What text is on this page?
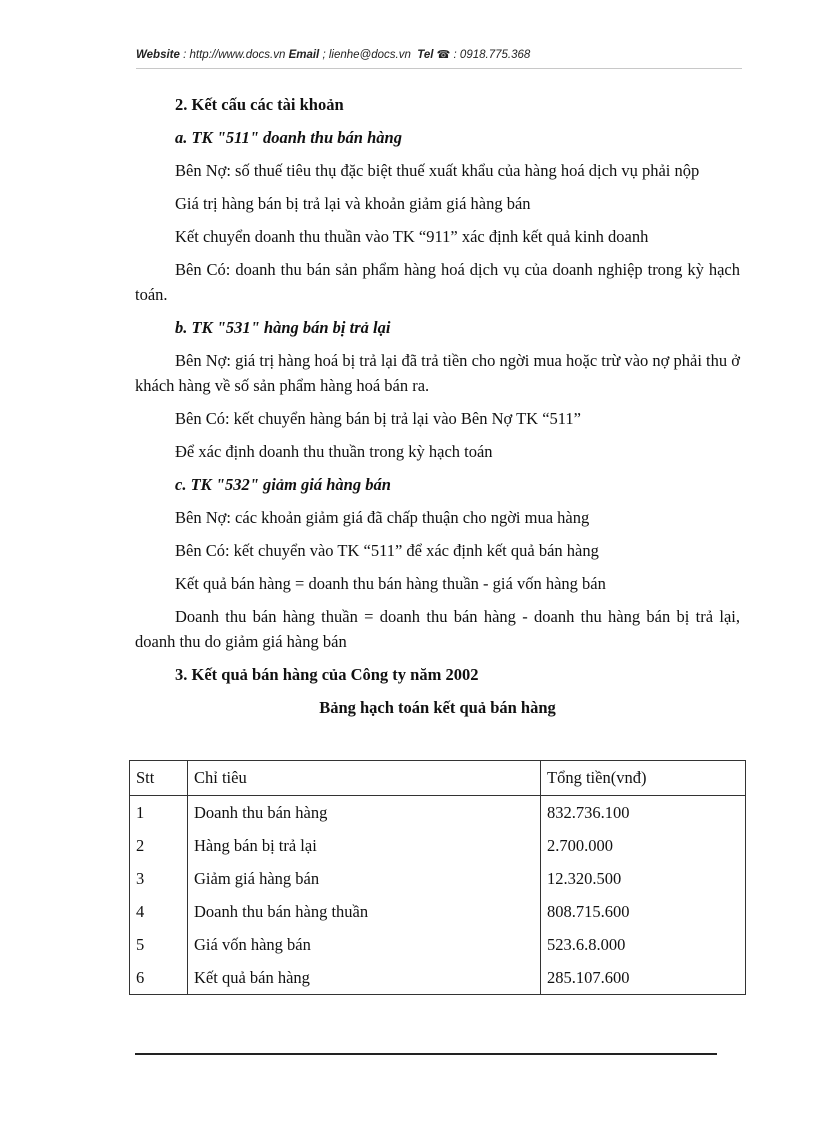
Website : http://www.docs.vn Email ; lienhe@docs.vn Tel ☎ : 0918.775.368
2. Kết cấu các tài khoản
a. TK "511" doanh thu bán hàng
Bên Nợ: số thuế tiêu thụ đặc biệt thuế xuất khẩu của hàng hoá dịch vụ phải nộp
Giá trị hàng bán bị trả lại và khoản giảm giá hàng bán
Kết chuyển doanh thu thuần vào TK “911” xác định kết quả kinh doanh
Bên Có: doanh thu bán sản phẩm hàng hoá dịch vụ của doanh nghiệp trong kỳ hạch toán.
b. TK "531" hàng bán bị trả lại
Bên Nợ: giá trị hàng hoá bị trả lại đã trả tiền cho ngời mua hoặc trừ vào nợ phải thu ở khách hàng về số sản phẩm hàng hoá bán ra.
Bên Có: kết chuyển hàng bán bị trả lại vào Bên Nợ TK “511”
Để xác định doanh thu thuần trong kỳ hạch toán
c. TK "532" giảm giá hàng bán
Bên Nợ: các khoản giảm giá đã chấp thuận cho ngời mua hàng
Bên Có: kết chuyển vào TK “511” để xác định kết quả bán hàng
Kết quả bán hàng = doanh thu bán hàng thuần - giá vốn hàng bán
Doanh thu bán hàng thuần = doanh thu bán hàng - doanh thu hàng bán bị trả lại, doanh thu do giảm giá hàng bán
3. Kết quả bán hàng của Công ty năm 2002
Bảng hạch toán kết quả bán hàng
Stt	Chỉ tiêu	Tổng tiền(vnđ)
1	Doanh thu bán hàng	832.736.100
2	Hàng bán bị trả lại	2.700.000
3	Giảm giá hàng bán	12.320.500
4	Doanh thu bán hàng thuần	808.715.600
5	Giá vốn hàng bán	523.6.8.000
6	Kết quả bán hàng	285.107.600
